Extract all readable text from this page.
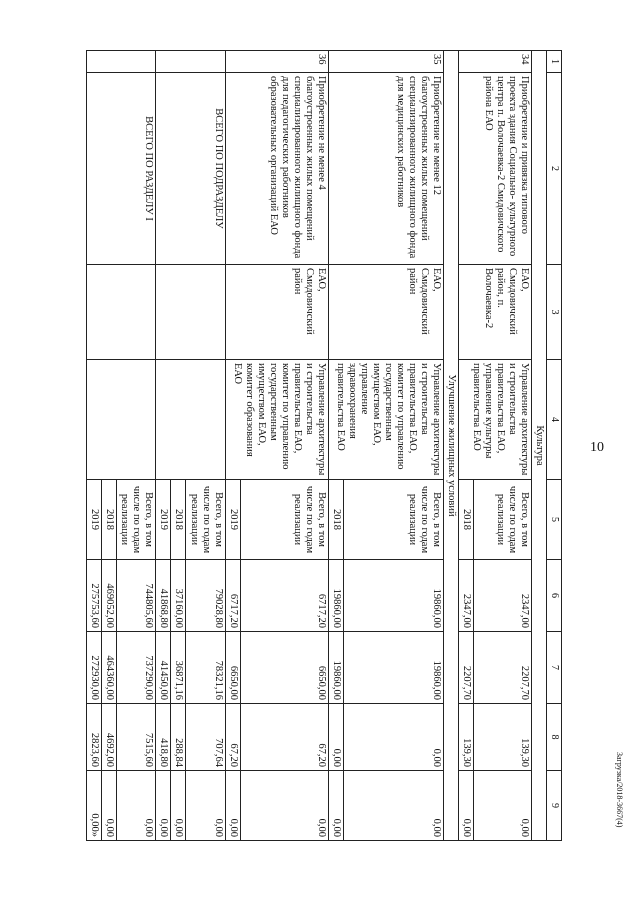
10
Загрузка/2018-3667(4)
1	2	3	4	5	6	7	8	9
Культура								
34	Приобретение и привязка типового проекта здания Социально- культурного центра п. Волочаевка-2 Смидовичского района ЕАО	ЕАО, Смидовичский район, п. Волочаевка-2	Управление архитектуры и строительства правительства ЕАО, управление культуры правительства ЕАО	Всего, в том числе по годам реализации	2347,00	2207,70	139,30	0,00
				2018	2347,00	2207,70	139,30	0,00
Улучшение жилищных условий								
35	Приобретение не менее 12 благоустроенных жилых помещений специализированного жилищного фонда для медицинских работников	ЕАО, Смидовичский район	Управление архитектуры и строительства правительства ЕАО, комитет по управлению государственным имуществом ЕАО, управление здравоохранения правительства ЕАО	Всего, в том числе по годам реализации	19860,00	19860,00	0,00	0,00
				2018	19860,00	19860,00	0,00	0,00
36	Приобретение не менее 4 благоустроенных жилых помещений специализированного жилищного фонда для педагогических работников образовательных организаций ЕАО	ЕАО, Смидовичский район	Управление архитектуры и строительства правительства ЕАО, комитет по управлению государственным имуществом ЕАО, комитет образования ЕАО	Всего, в том числе по годам реализации	6717,20	6650,00	67,20	0,00
				2019	6717,20	6650,00	67,20	0,00
	ВСЕГО ПО ПОДРАЗДЕЛУ			Всего, в том числе по годам реализации	79028,80	78321,16	707,64	0,00
				2018	37160,00	36871,16	288,84	0,00
				2019	41868,80	41450,00	418,80	0,00
	ВСЕГО ПО РАЗДЕЛУ I			Всего, в том числе по годам реализации	744805,60	737290,00	7515,60	0,00
				2018	469052,00	464360,00	4692,00	0,00
				2019	275753,60	272930,00	2823,60	0,00»
